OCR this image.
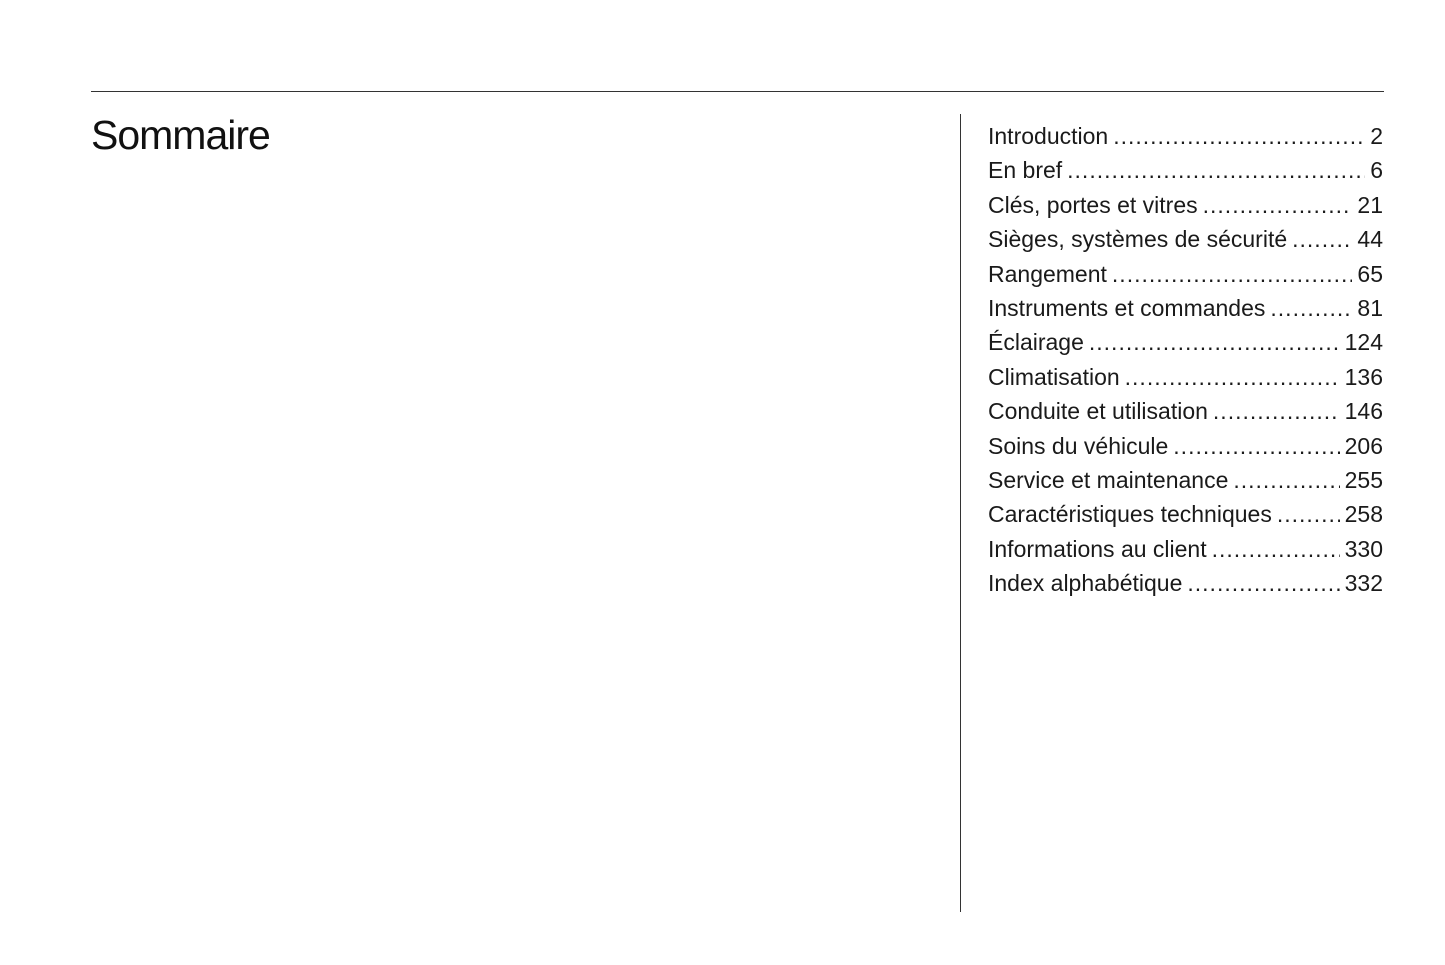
Sommaire	Introduction .....	2
En bref .....	6
Clés, portes et vitres .....	21
Sièges, systèmes de sécurité .....	44
Rangement .....	65
Instruments et commandes .....	81
Éclairage .....	124
Climatisation .....	136
Conduite et utilisation .....	146
Soins du véhicule .....	206
Service et maintenance .....	255
Caractéristiques techniques .....	258
Informations au client .....	330
Index alphabétique .....	332
